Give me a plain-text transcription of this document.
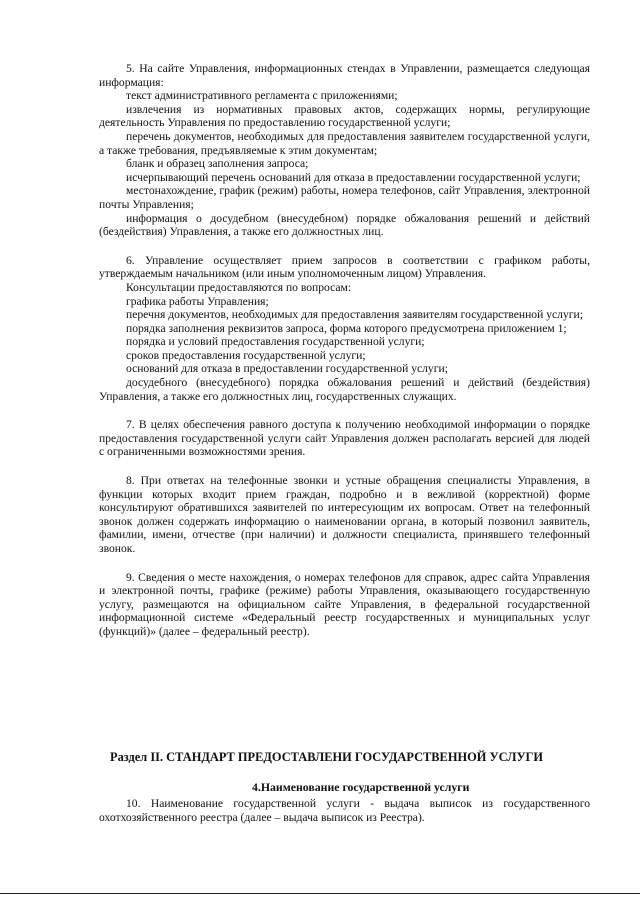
5. На сайте Управления, информационных стендах в Управлении, размещается следующая информация:

текст административного регламента с приложениями;

извлечения из нормативных правовых актов, содержащих нормы, регулирующие деятельность Управления по предоставлению государственной услуги;

перечень документов, необходимых для предоставления заявителем государственной услуги, а также требования, предъявляемые к этим документам;

бланк и образец заполнения запроса;

исчерпывающий перечень оснований для отказа в предоставлении государственной услуги;

местонахождение, график (режим) работы, номера телефонов, сайт Управления, электронной почты Управления;

информация о досудебном (внесудебном) порядке обжалования решений и действий (бездействия) Управления, а также его должностных лиц.

6. Управление осуществляет прием запросов в соответствии с графиком работы, утверждаемым начальником (или иным уполномоченным лицом) Управления.

Консультации предоставляются по вопросам:

графика работы Управления;

перечня документов, необходимых для предоставления заявителям государственной услуги;

порядка заполнения реквизитов запроса, форма которого предусмотрена приложением 1;

порядка и условий предоставления государственной услуги;

сроков предоставления государственной услуги;

оснований для отказа в предоставлении государственной услуги;

досудебного (внесудебного) порядка обжалования решений и действий (бездействия) Управления, а также его должностных лиц, государственных служащих.

7. В целях обеспечения равного доступа к получению необходимой информации о порядке предоставления государственной услуги сайт Управления должен располагать версией для людей с ограниченными возможностями зрения.

8. При ответах на телефонные звонки и устные обращения специалисты Управления, в функции которых входит прием граждан, подробно и в вежливой (корректной) форме консультируют обратившихся заявителей по интересующим их вопросам. Ответ на телефонный звонок должен содержать информацию о наименовании органа, в который позвонил заявитель, фамилии, имени, отчестве (при наличии) и должности специалиста, принявшего телефонный звонок.

9. Сведения о месте нахождения, о номерах телефонов для справок, адрес сайта Управления и электронной почты, графике (режиме) работы Управления, оказывающего государственную услугу, размещаются на официальном сайте Управления, в федеральной государственной информационной системе «Федеральный реестр государственных и муниципальных услуг (функций)» (далее – федеральный реестр).

Раздел II. СТАНДАРТ ПРЕДОСТАВЛЕНИ ГОСУДАРСТВЕННОЙ УСЛУГИ
4.Наименование государственной услуги

10. Наименование государственной услуги - выдача выписок из государственного охотхозяйственного реестра (далее – выдача выписок из Реестра).
